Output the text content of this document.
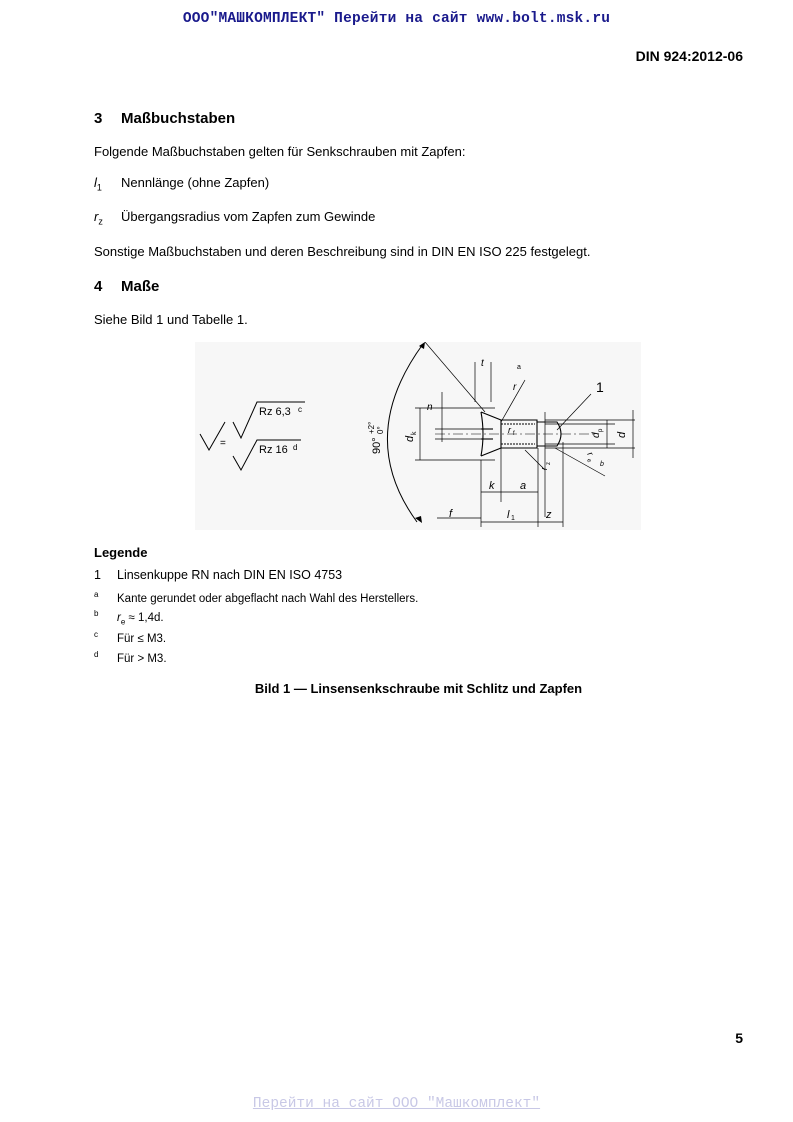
ООО"МАШКОМПЛЕКТ" Перейти на сайт www.bolt.msk.ru
DIN 924:2012-06
3 Maßbuchstaben
Folgende Maßbuchstaben gelten für Senkschrauben mit Zapfen:
$l_1$ Nennlänge (ohne Zapfen)
$r_z$ Übergangsradius vom Zapfen zum Gewinde
Sonstige Maßbuchstaben und deren Beschreibung sind in DIN EN ISO 225 festgelegt.
4 Maße
Siehe Bild 1 und Tabelle 1.
=
Rz 6,3 c
Rz 16 d	90°
+2° 0°
t	a
r	1
n
d
k	r f	d
p
d
r
z
r
e
b
k a
f	l 1	z
Legende
1 Linsenkuppe RN nach DIN EN ISO 4753
a Kante gerundet oder abgeflacht nach Wahl des Herstellers.
b $r_e \approx 1,4d$.
c Für ≤ M3.
d Für > M3.
Bild 1 — Linsensenkschraube mit Schlitz und Zapfen
5
Перейти на сайт ООО "Машкомплект"
